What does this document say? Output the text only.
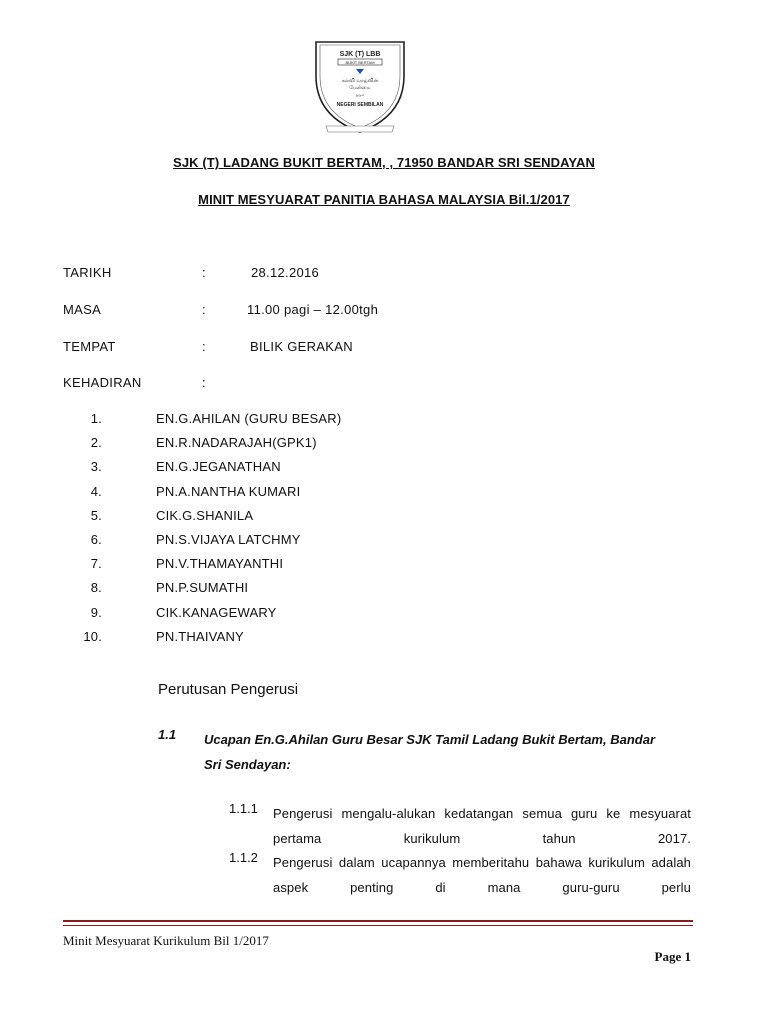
SJK (T) LBB
BUKIT BERTAM
கல்வி வாழ்வின்
மேன்மை
தரும்
NEGERI SEMBILAN
SJK (T) LADANG BUKIT BERTAM, , 71950 BANDAR SRI SENDAYAN
MINIT MESYUARAT PANITIA BAHASA MALAYSIA Bil.1/2017
TARIKH	:	28.12.2016
MASA	:	11.00 pagi – 12.00tgh
TEMPAT	:	BILIK GERAKAN
KEHADIRAN	:
1.	EN.G.AHILAN (GURU BESAR)
2.	EN.R.NADARAJAH(GPK1)
3.	EN.G.JEGANATHAN
4.	PN.A.NANTHA KUMARI
5.	CIK.G.SHANILA
6.	PN.S.VIJAYA LATCHMY
7.	PN.V.THAMAYANTHI
8.	PN.P.SUMATHI
9.	CIK.KANAGEWARY
10.	PN.THAIVANY
Perutusan Pengerusi
1.1 Ucapan En.G.Ahilan Guru Besar SJK Tamil Ladang Bukit Bertam, Bandar Sri Sendayan:
1.1.1 Pengerusi mengalu-alukan kedatangan semua guru ke mesyuarat pertama kurikulum tahun 2017.
1.1.2 Pengerusi dalam ucapannya memberitahu bahawa kurikulum adalah aspek penting di mana guru-guru perlu
Minit Mesyuarat Kurikulum Bil 1/2017
Page 1
